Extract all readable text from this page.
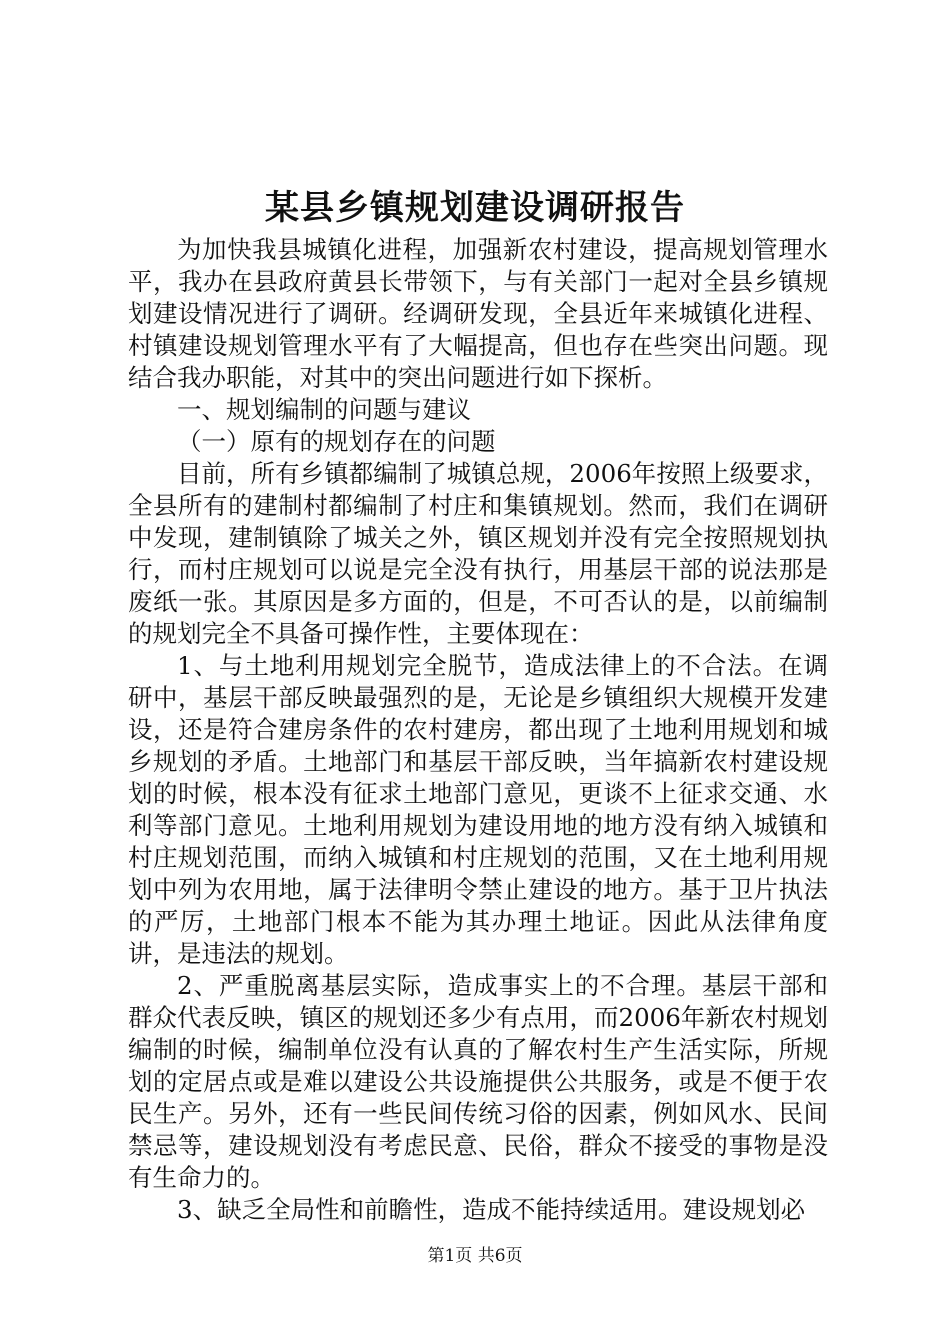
某县乡镇规划建设调研报告

为加快我县城镇化进程，加强新农村建设，提高规划管理水平，我办在县政府黄县长带领下，与有关部门一起对全县乡镇规划建设情况进行了调研。经调研发现，全县近年来城镇化进程、村镇建设规划管理水平有了大幅提高，但也存在些突出问题。现结合我办职能，对其中的突出问题进行如下探析。

一、规划编制的问题与建议

（一）原有的规划存在的问题

目前，所有乡镇都编制了城镇总规，2006年按照上级要求，全县所有的建制村都编制了村庄和集镇规划。然而，我们在调研中发现，建制镇除了城关之外，镇区规划并没有完全按照规划执行，而村庄规划可以说是完全没有执行，用基层干部的说法那是废纸一张。其原因是多方面的，但是，不可否认的是，以前编制的规划完全不具备可操作性，主要体现在：

1、与土地利用规划完全脱节，造成法律上的不合法。在调研中，基层干部反映最强烈的是，无论是乡镇组织大规模开发建设，还是符合建房条件的农村建房，都出现了土地利用规划和城乡规划的矛盾。土地部门和基层干部反映，当年搞新农村建设规划的时候，根本没有征求土地部门意见，更谈不上征求交通、水利等部门意见。土地利用规划为建设用地的地方没有纳入城镇和村庄规划范围，而纳入城镇和村庄规划的范围，又在土地利用规划中列为农用地，属于法律明令禁止建设的地方。基于卫片执法的严厉，土地部门根本不能为其办理土地证。因此从法律角度讲，是违法的规划。

2、严重脱离基层实际，造成事实上的不合理。基层干部和群众代表反映，镇区的规划还多少有点用，而2006年新农村规划编制的时候，编制单位没有认真的了解农村生产生活实际，所规划的定居点或是难以建设公共设施提供公共服务，或是不便于农民生产。另外，还有一些民间传统习俗的因素，例如风水、民间禁忌等，建设规划没有考虑民意、民俗，群众不接受的事物是没有生命力的。

3、缺乏全局性和前瞻性，造成不能持续适用。建设规划必

第1页 共6页
